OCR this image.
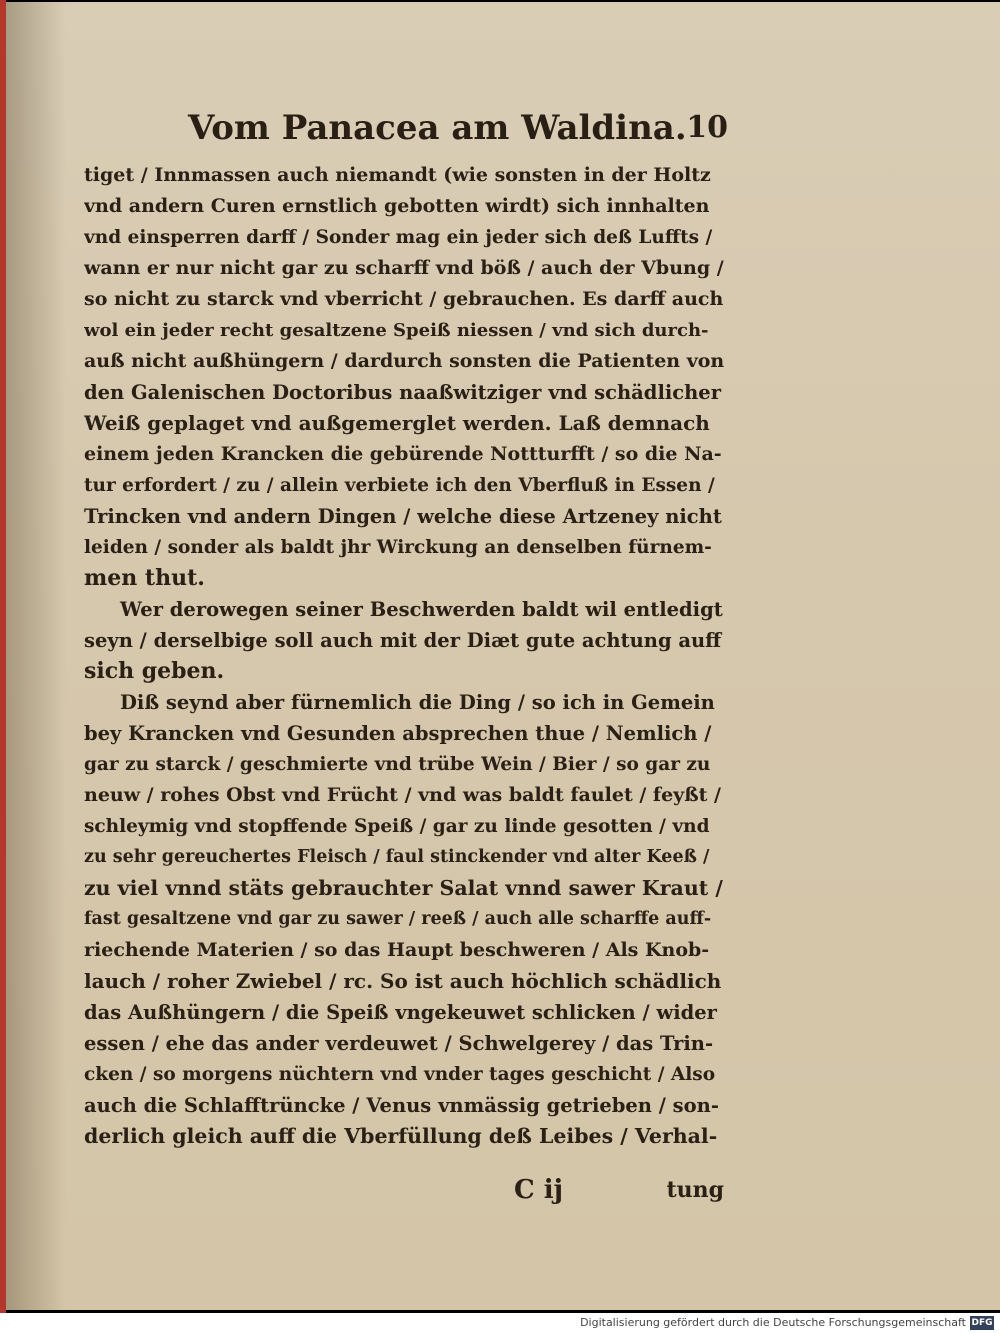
Vom Panacea am Waldina. 10
tiget / Innmassen auch niemandt (wie sonsten in der Holtz
vnd andern Curen ernstlich gebotten wirdt) sich innhalten
vnd einsperren darff / Sonder mag ein jeder sich deß Luffts /
wann er nur nicht gar zu scharff vnd böß / auch der Vbung /
so nicht zu starck vnd vberricht / gebrauchen. Es darff auch
wol ein jeder recht gesaltzene Speiß niessen / vnd sich durch-
auß nicht außhüngern / dardurch sonsten die Patienten von
den Galenischen Doctoribus naaßwitziger vnd schädlicher
Weiß geplaget vnd außgemerglet werden. Laß demnach
einem jeden Krancken die gebürende Nottturfft / so die Na-
tur erfordert / zu / allein verbiete ich den Vberfluß in Essen /
Trincken vnd andern Dingen / welche diese Artzeney nicht
leiden / sonder als baldt jhr Wirckung an denselben fürnem-
men thut.
Wer derowegen seiner Beschwerden baldt wil entledigt
seyn / derselbige soll auch mit der Diæt gute achtung auff
sich geben.
Diß seynd aber fürnemlich die Ding / so ich in Gemein
bey Krancken vnd Gesunden absprechen thue / Nemlich /
gar zu starck / geschmierte vnd trübe Wein / Bier / so gar zu
neuw / rohes Obst vnd Frücht / vnd was baldt faulet / feyßt /
schleymig vnd stopffende Speiß / gar zu linde gesotten / vnd
zu sehr gereuchertes Fleisch / faul stinckender vnd alter Keeß /
zu viel vnnd stäts gebrauchter Salat vnnd sawer Kraut /
fast gesaltzene vnd gar zu sawer / reeß / auch alle scharffe auff-
riechende Materien / so das Haupt beschweren / Als Knob-
lauch / roher Zwiebel / rc. So ist auch höchlich schädlich
das Außhüngern / die Speiß vngekeuwet schlicken / wider
essen / ehe das ander verdeuwet / Schwelgerey / das Trin-
cken / so morgens nüchtern vnd vnder tages geschicht / Also
auch die Schlafftrüncke / Venus vnmässig getrieben / son-
derlich gleich auff die Vberfüllung deß Leibes / Verhal-
C ij	tung
Digitalisierung gefördert durch die Deutsche Forschungsgemeinschaft DFG
